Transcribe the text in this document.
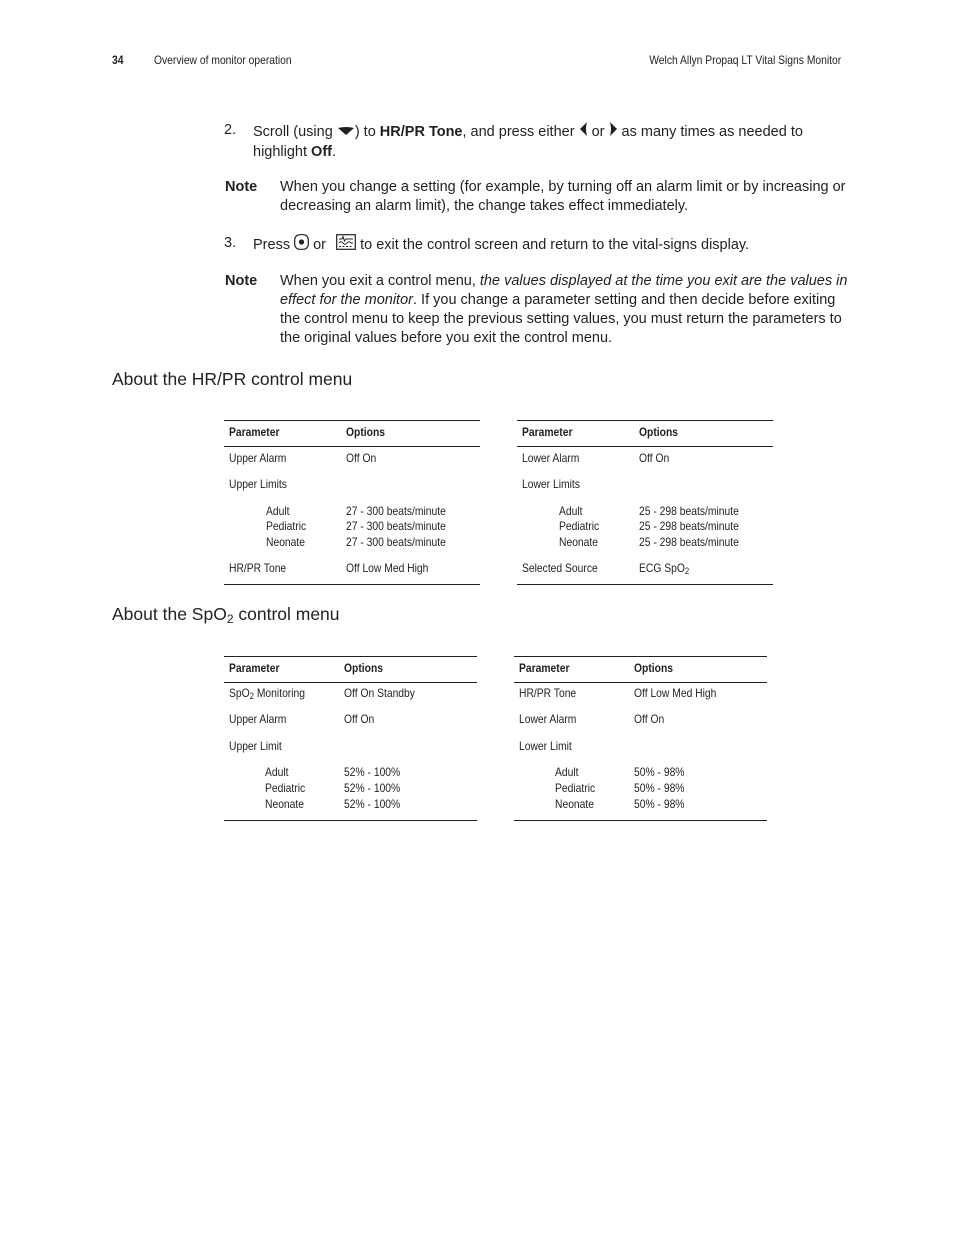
34	Overview of monitor operation	Welch Allyn Propaq LT Vital Signs Monitor
2. Scroll (using ) to HR/PR Tone, and press either  or  as many times as needed to highlight Off.
Note When you change a setting (for example, by turning off an alarm limit or by increasing or decreasing an alarm limit), the change takes effect immediately.
3. Press  or  to exit the control screen and return to the vital-signs display.
Note When you exit a control menu, the values displayed at the time you exit are the values in effect for the monitor. If you change a parameter setting and then decide before exiting the control menu to keep the previous setting values, you must return the parameters to the original values before you exit the control menu.
About the HR/PR control menu
Parameter	Options
Upper Alarm	Off On
Upper Limits
Adult	27 - 300 beats/minute
Pediatric	27 - 300 beats/minute
Neonate	27 - 300 beats/minute
HR/PR Tone	Off Low Med High
Parameter	Options
Lower Alarm	Off On
Lower Limits
Adult	25 - 298 beats/minute
Pediatric	25 - 298 beats/minute
Neonate	25 - 298 beats/minute
Selected Source	ECG SpO$_2$
About the SpO$_2$ control menu
Parameter	Options
SpO$_2$ Monitoring	Off On Standby
Upper Alarm	Off On
Upper Limit
Adult	52% - 100%
Pediatric	52% - 100%
Neonate	52% - 100%
Parameter	Options
HR/PR Tone	Off Low Med High
Lower Alarm	Off On
Lower Limit
Adult	50% - 98%
Pediatric	50% - 98%
Neonate	50% - 98%
